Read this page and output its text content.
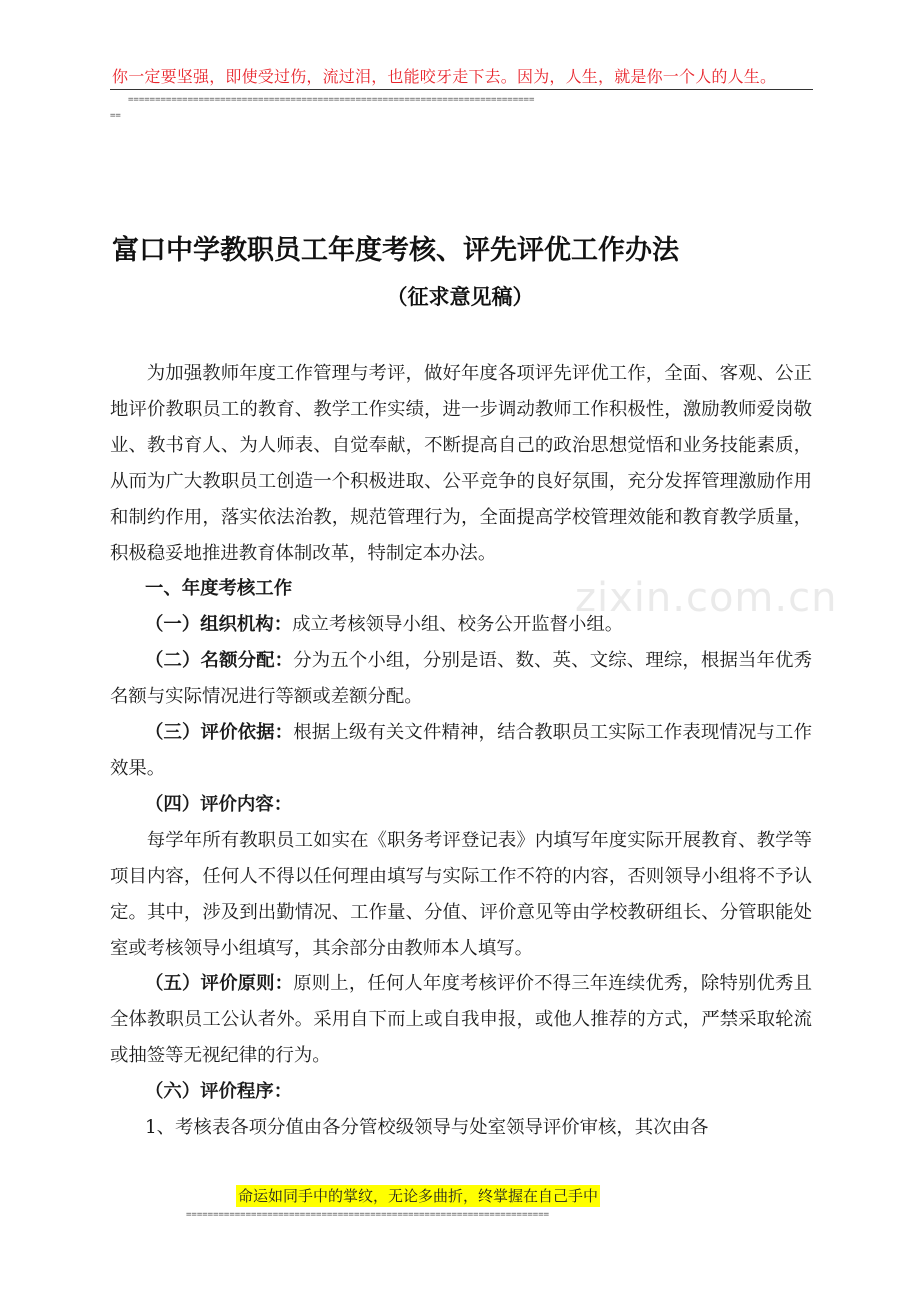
你一定要坚强，即使受过伤，流过泪，也能咬牙走下去。因为，人生，就是你一个人的人生。
===========================================================================
==
富口中学教职员工年度考核、评先评优工作办法
（征求意见稿）
zixin.com.cn

为加强教师年度工作管理与考评，做好年度各项评先评优工作，全面、客观、公正地评价教职员工的教育、教学工作实绩，进一步调动教师工作积极性，激励教师爱岗敬业、教书育人、为人师表、自觉奉献，不断提高自己的政治思想觉悟和业务技能素质，从而为广大教职员工创造一个积极进取、公平竞争的良好氛围，充分发挥管理激励作用和制约作用，落实依法治教，规范管理行为，全面提高学校管理效能和教育教学质量，积极稳妥地推进教育体制改革，特制定本办法。

一、年度考核工作

（一）组织机构：成立考核领导小组、校务公开监督小组。

（二）名额分配：分为五个小组，分别是语、数、英、文综、理综，根据当年优秀名额与实际情况进行等额或差额分配。

（三）评价依据：根据上级有关文件精神，结合教职员工实际工作表现情况与工作效果。

（四）评价内容：

每学年所有教职员工如实在《职务考评登记表》内填写年度实际开展教育、教学等项目内容，任何人不得以任何理由填写与实际工作不符的内容，否则领导小组将不予认定。其中，涉及到出勤情况、工作量、分值、评价意见等由学校教研组长、分管职能处室或考核领导小组填写，其余部分由教师本人填写。

（五）评价原则：原则上，任何人年度考核评价不得三年连续优秀，除特别优秀且全体教职员工公认者外。采用自下而上或自我申报，或他人推荐的方式，严禁采取轮流或抽签等无视纪律的行为。

（六）评价程序：

1、考核表各项分值由各分管校级领导与处室领导评价审核，其次由各

命运如同手中的掌纹，无论多曲折，终掌握在自己手中
===================================================================
